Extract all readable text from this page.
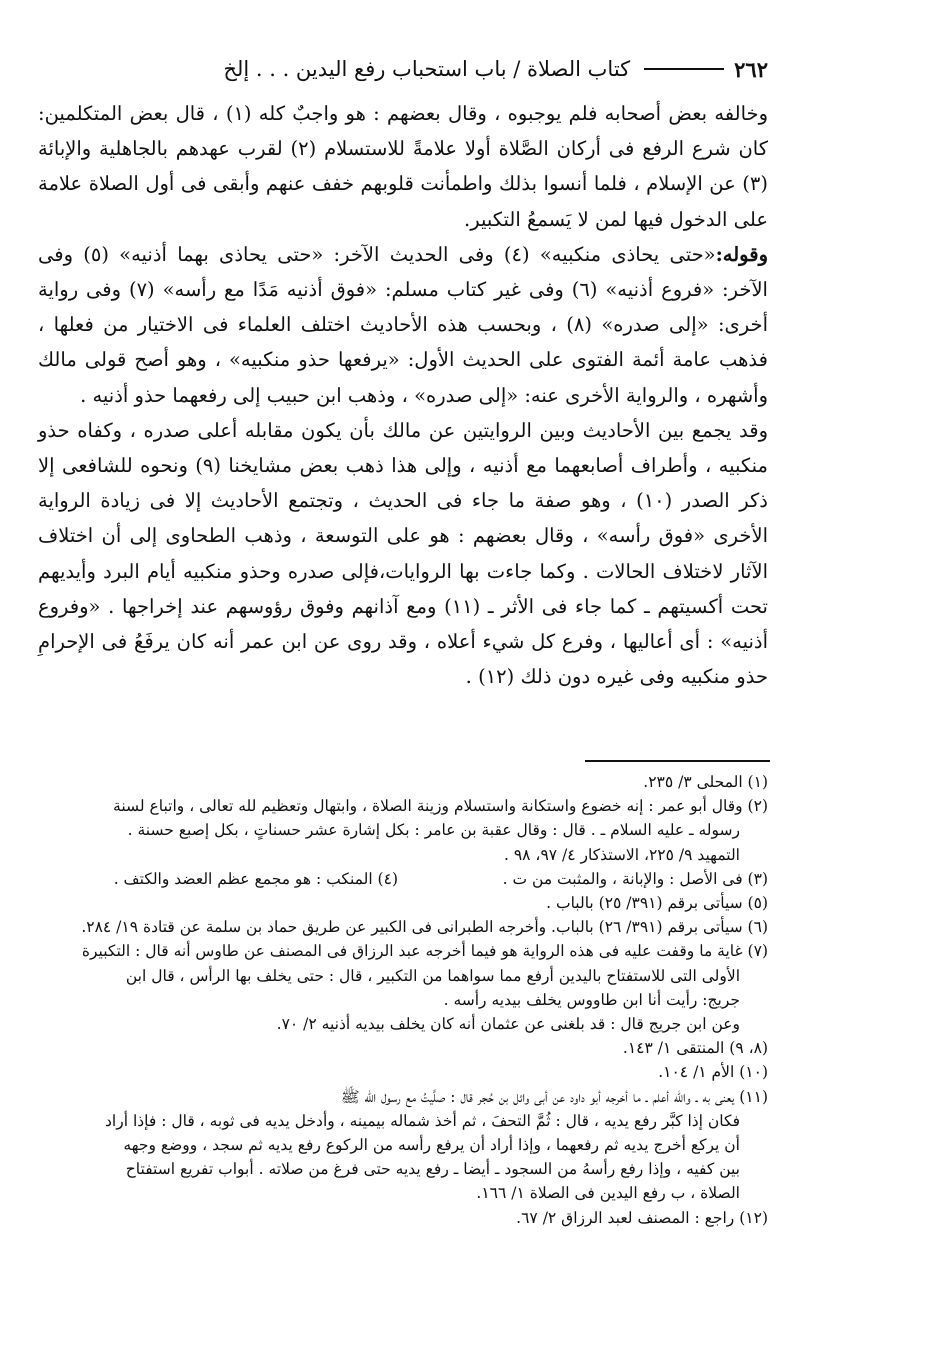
٢٦٢
كتاب الصلاة / باب استحباب رفع اليدين . . . إلخ

وخالفه بعض أصحابه فلم يوجبوه ، وقال بعضهم : هو واجبٌ كله (١) ، قال بعض المتكلمين: كان شرع الرفع فى أركان الصَّلاة أولا علامةً للاستسلام (٢) لقرب عهدهم بالجاهلية والإبائة (٣) عن الإسلام ، فلما أنسوا بذلك واطمأنت قلوبهم خفف عنهم وأبقى فى أول الصلاة علامة على الدخول فيها لمن لا يَسمعُ التكبير.

وقوله:«حتى يحاذى منكبيه» (٤) وفى الحديث الآخر: «حتى يحاذى بهما أذنيه» (٥) وفى الآخر: «فروع أذنيه» (٦) وفى غير كتاب مسلم: «فوق أذنيه مَدًا مع رأسه» (٧) وفى رواية أخرى: «إلى صدره» (٨) ، وبحسب هذه الأحاديث اختلف العلماء فى الاختيار من فعلها ، فذهب عامة أئمة الفتوى على الحديث الأول: «يرفعها حذو منكبيه» ، وهو أصح قولى مالك وأشهره ، والرواية الأخرى عنه: «إلى صدره» ، وذهب ابن حبيب إلى رفعهما حذو أذنيه .

وقد يجمع بين الأحاديث وبين الروايتين عن مالك بأن يكون مقابله أعلى صدره ، وكفاه حذو منكبيه ، وأطراف أصابعهما مع أذنيه ، وإلى هذا ذهب بعض مشايخنا (٩) ونحوه للشافعى إلا ذكر الصدر (١٠) ، وهو صفة ما جاء فى الحديث ، وتجتمع الأحاديث إلا فى زيادة الرواية الأخرى «فوق رأسه» ، وقال بعضهم : هو على التوسعة ، وذهب الطحاوى إلى أن اختلاف الآثار لاختلاف الحالات . وكما جاءت بها الروايات،فإلى صدره وحذو منكبيه أيام البرد وأيديهم تحت أكسيتهم ـ كما جاء فى الأثر ـ (١١) ومع آذانهم وفوق رؤوسهم عند إخراجها . «وفروع أذنيه» : أى أعاليها ، وفرع كل شيء أعلاه ، وقد روى عن ابن عمر أنه كان يرفَعُ فى الإحرامِ حذو منكبيه وفى غيره دون ذلك (١٢) .

(١) المحلى ٣/ ٢٣٥.

(٢) وقال أبو عمر : إنه خضوع واستكانة واستسلام وزينة الصلاة ، وابتهال وتعظيم لله تعالى ، واتباع لسنة

رسوله ـ عليه السلام ـ . قال : وقال عقبة بن عامر : بكل إشارة عشر حسناتٍ ، بكل إصبع حسنة .

التمهيد ٩/ ٢٢٥، الاستذكار ٤/ ٩٧، ٩٨ .

(٣) فى الأصل : والإبانة ، والمثبت من ت .

(٤) المنكب : هو مجمع عظم العضد والكتف .

(٥) سيأتى برقم (٣٩١/ ٢٥) بالباب .

(٦) سيأتى برقم (٣٩١/ ٢٦) بالباب. وأخرجه الطبرانى فى الكبير عن طريق حماد بن سلمة عن قتادة ١٩/ ٢٨٤.

(٧) غاية ما وقفت عليه فى هذه الرواية هو فيما أخرجه عبد الرزاق فى المصنف عن طاوس أنه قال : التكبيرة

الأولى التى للاستفتاح باليدين أرفع مما سواهما من التكبير ، قال : حتى يخلف بها الرأس ، قال ابن

جريج: رأيت أنا ابن طاووس يخلف بيديه رأسه .

وعن ابن جريج قال : قد بلغنى عن عثمان أنه كان يخلف بيديه أذنيه ٢/ ٧٠.

(٨، ٩) المنتقى ١/ ١٤٣.

(١٠) الأم ١/ ١٠٤.

(١١) يعنى به ـ والله أعلم ـ ما أخرجه أبو داود عن أبى وائل بن حُجر قال : صلَّيتُ مع رسول الله ﷺ

فكان إذا كبَّر رفع يديه ، قال : ثُمَّ التحفَ ، ثم أخذ شماله بيمينه ، وأدخل يديه فى ثوبه ، قال : فإذا أراد

أن يركع أخرج يديه ثم رفعهما ، وإذا أراد أن يرفع رأسه من الركوع رفع يديه ثم سجد ، ووضع وجهه

بين كفيه ، وإذا رفع رأسهُ من السجود ـ أيضا ـ رفع يديه حتى فرغ من صلاته . أبواب تفريع استفتاح

الصلاة ، ب رفع اليدين فى الصلاة ١/ ١٦٦.

(١٢) راجع : المصنف لعبد الرزاق ٢/ ٦٧.
